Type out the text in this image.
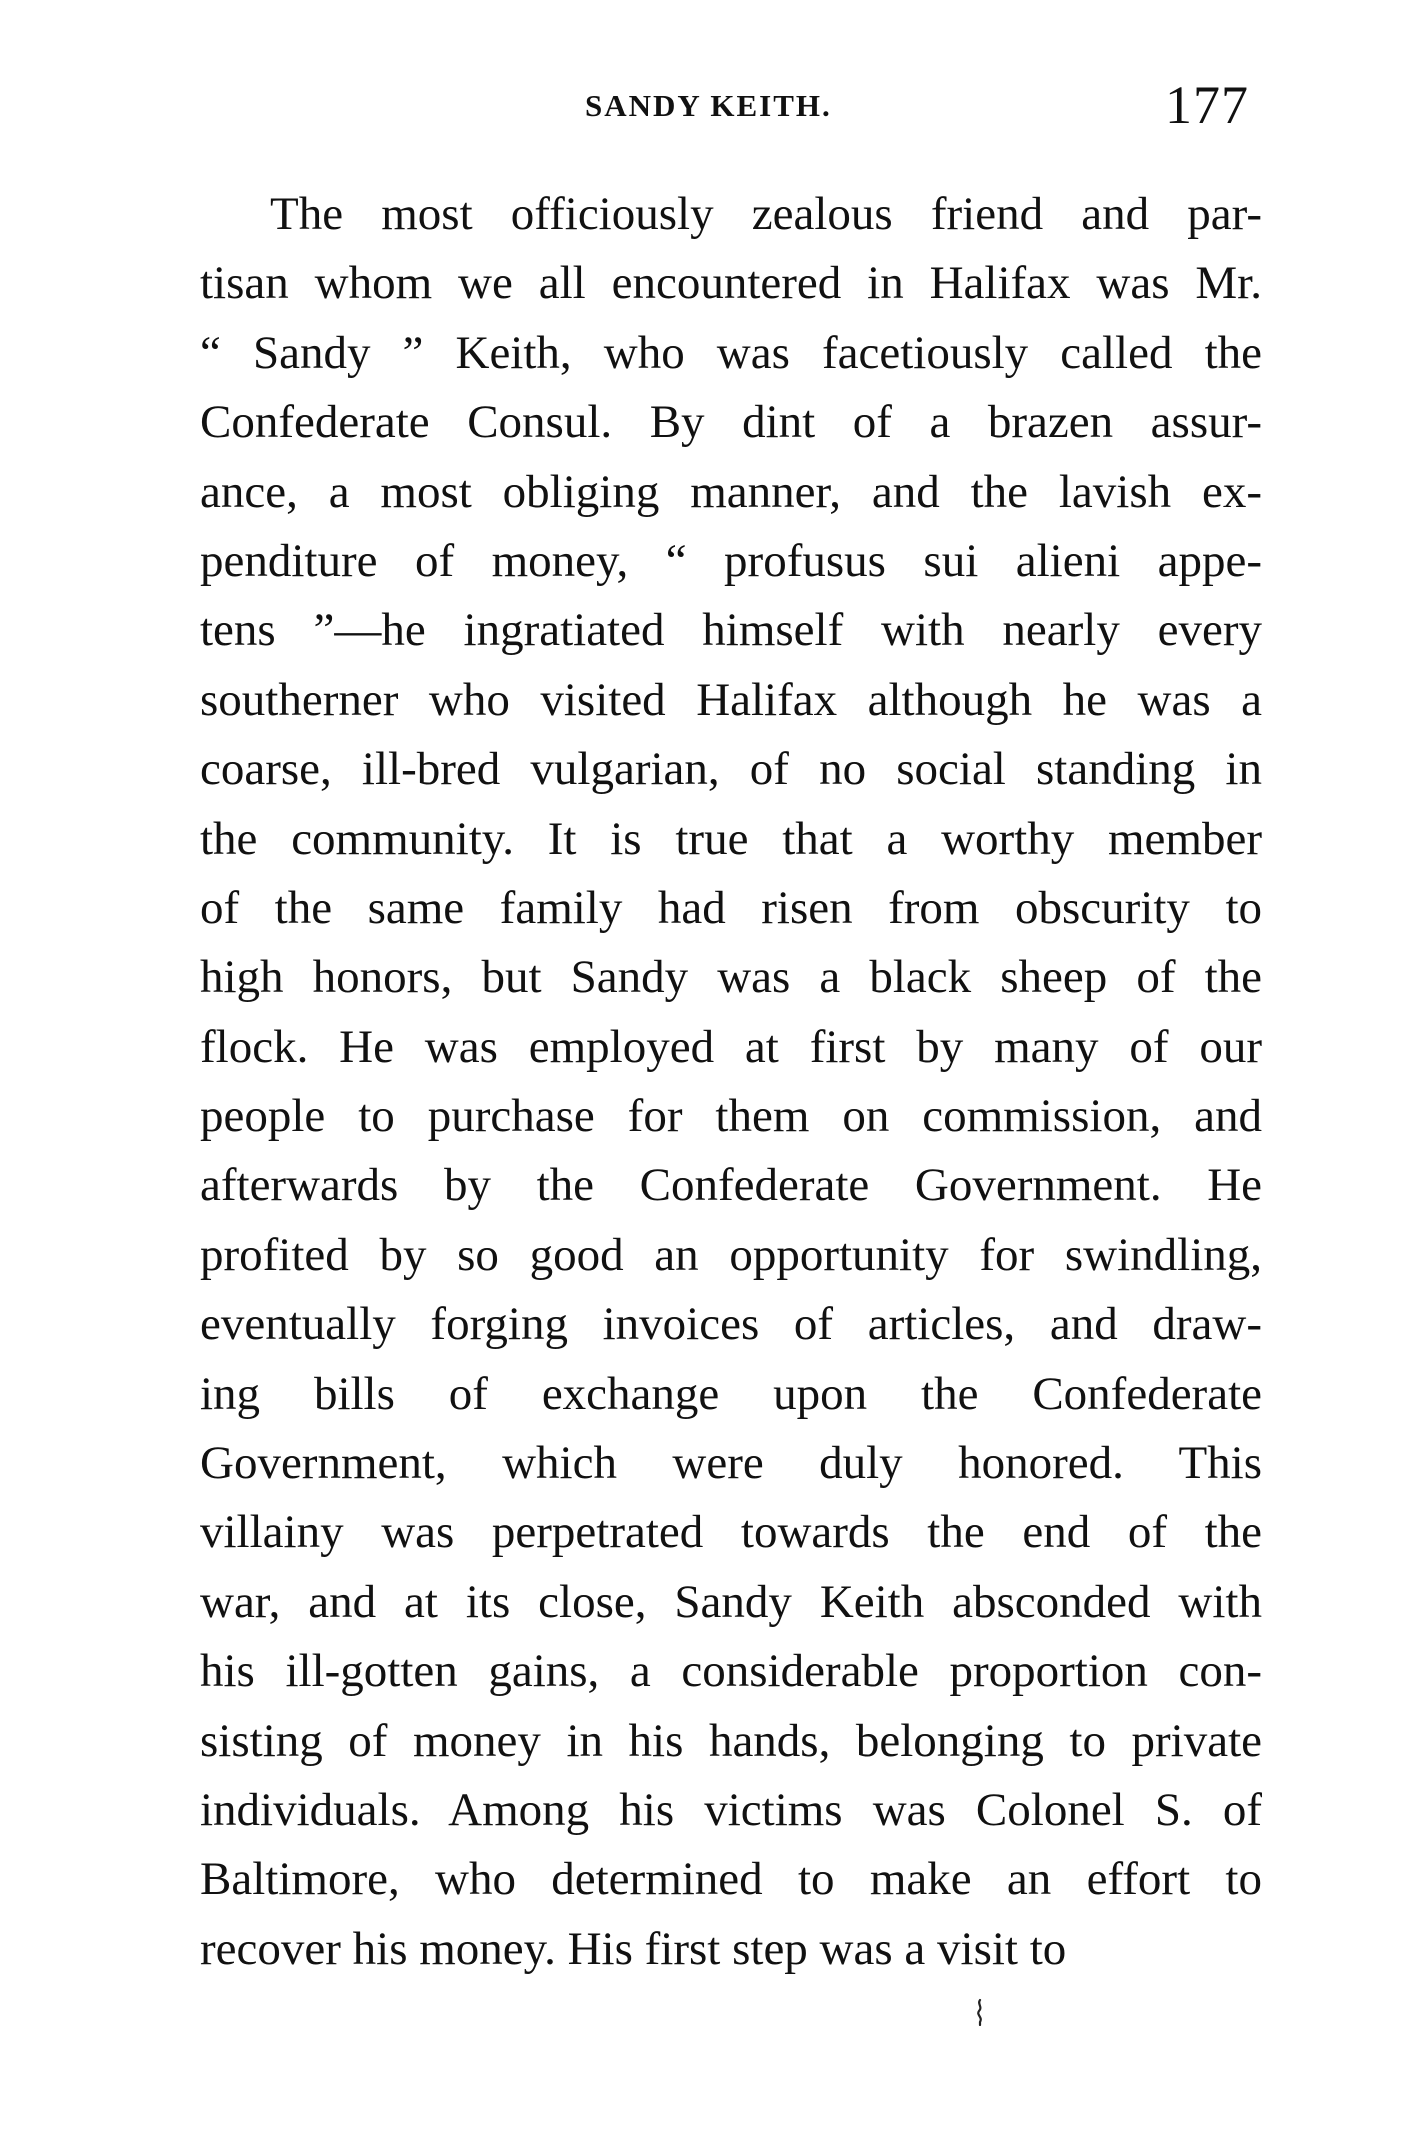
SANDY KEITH.	177
The most officiously zealous friend and par-
tisan whom we all encountered in Halifax was Mr.
“ Sandy ” Keith, who was facetiously called the
Confederate Consul. By dint of a brazen assur-
ance, a most obliging manner, and the lavish ex-
penditure of money, “ profusus sui alieni appe-
tens ”—he ingratiated himself with nearly every
southerner who visited Halifax although he was a
coarse, ill-bred vulgarian, of no social standing in
the community. It is true that a worthy member
of the same family had risen from obscurity to
high honors, but Sandy was a black sheep of the
flock. He was employed at first by many of our
people to purchase for them on commission, and
afterwards by the Confederate Government. He
profited by so good an opportunity for swindling,
eventually forging invoices of articles, and draw-
ing bills of exchange upon the Confederate
Government, which were duly honored. This
villainy was perpetrated towards the end of the
war, and at its close, Sandy Keith absconded with
his ill-gotten gains, a considerable proportion con-
sisting of money in his hands, belonging to private
individuals. Among his victims was Colonel S. of
Baltimore, who determined to make an effort to
recover his money. His first step was a visit to
